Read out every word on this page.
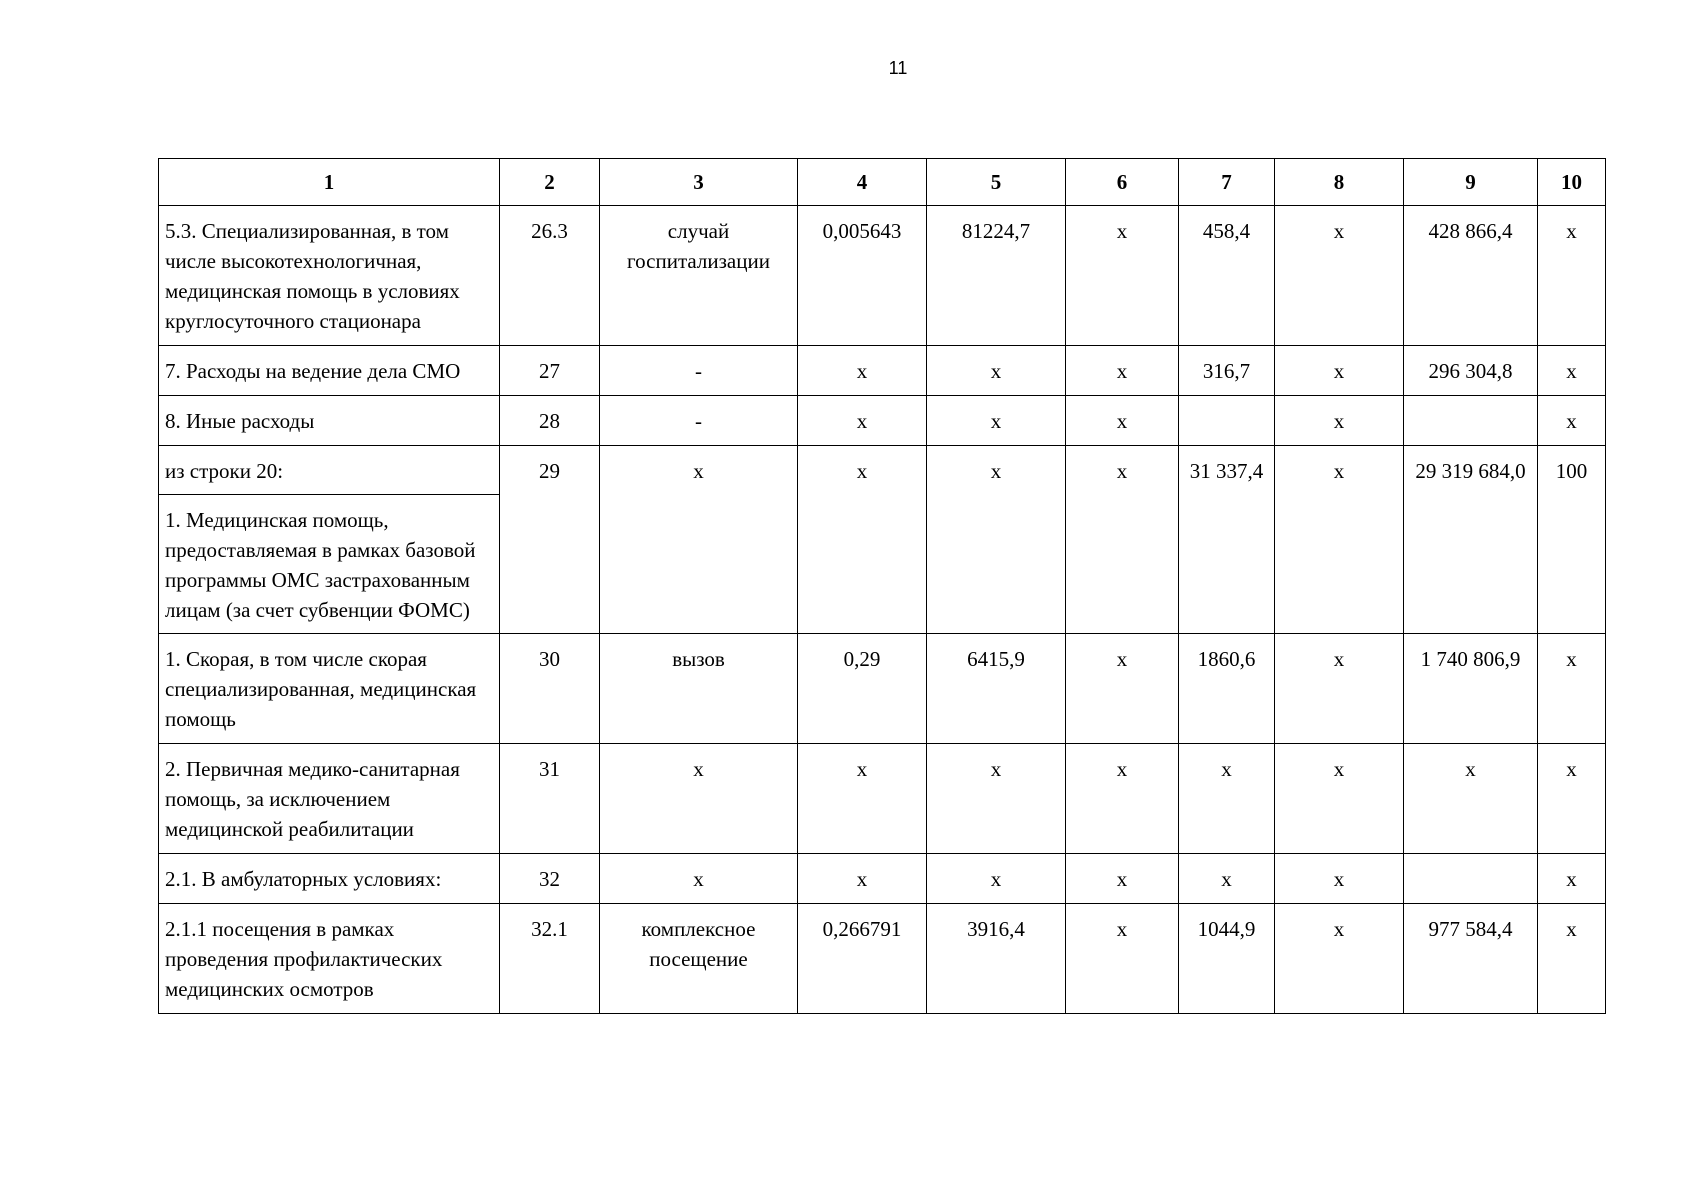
11
1	2	3	4	5	6	7	8	9	10
5.3. Специализированная, в том числе высокотехнологичная, медицинская помощь в условиях круглосуточного стационара	26.3	случай госпитализации	0,005643	81224,7	х	458,4	х	428 866,4	х
7. Расходы на ведение дела СМО	27	-	х	х	х	316,7	х	296 304,8	х
8. Иные расходы	28	-	х	х	х		х		х
из строки 20:	29	х	х	х	х	31 337,4	х	29 319 684,0	100
1. Медицинская помощь, предоставляемая в рамках базовой программы ОМС застрахованным лицам (за счет субвенции ФОМС)									
1. Скорая, в том числе скорая специализированная, медицинская помощь	30	вызов	0,29	6415,9	х	1860,6	х	1 740 806,9	х
2. Первичная медико-санитарная помощь, за исключением медицинской реабилитации	31	х	х	х	х	х	х	х	х
2.1. В амбулаторных условиях:	32	х	х	х	х	х	х		х
2.1.1 посещения в рамках проведения профилактических медицинских осмотров	32.1	комплексное посещение	0,266791	3916,4	х	1044,9	х	977 584,4	х
